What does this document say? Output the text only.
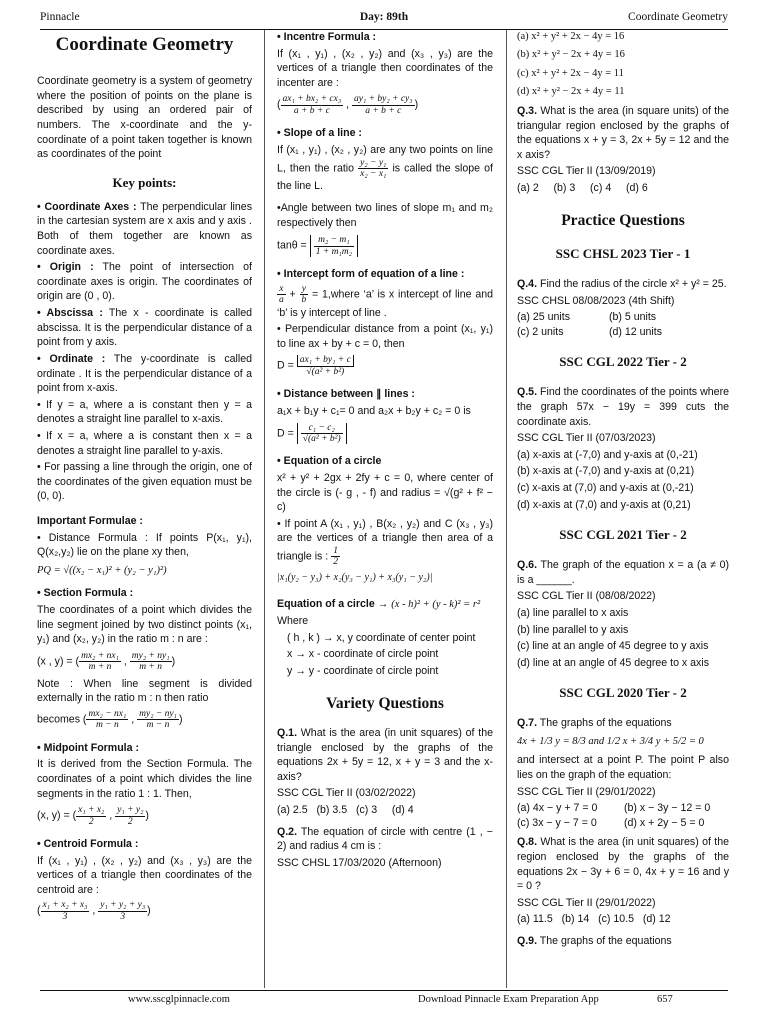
Pinnacle	Day: 89th	Coordinate Geometry
Coordinate Geometry

Coordinate geometry is a system of geometry where the position of points on the plane is described by using an ordered pair of numbers. The x-coordinate and the y- coordinate of a point taken together is known as coordinates of the point

Key points:

• Coordinate Axes : The perpendicular lines in the cartesian system are x axis and y axis . Both of them together are known as coordinate axes.

• Origin : The point of intersection of coordinate axes is origin. The coordinates of origin are (0 , 0).

• Abscissa : The x - coordinate is called abscissa. It is the perpendicular distance of a point from y axis.

• Ordinate : The y-coordinate is called ordinate . It is the perpendicular distance of a point from x-axis.

• If y = a, where a is constant then y = a denotes a straight line parallel to x-axis.

• If x = a, where a is constant then x = a denotes a straight line parallel to y-axis.

• For passing a line through the origin, one of the coordinates of the given equation must be (0, 0).

Important Formulae :

• Distance Formula : If points P(x₁, y₁), Q(x₂,y₂) lie on the plane xy then,

PQ = √((x₂ − x₁)² + (y₂ − y₁)²)

• Section Formula :

The coordinates of a point which divides the line segment joined by two distinct points (x₁, y₁) and (x₂, y₂) in the ratio m : n are :

(x , y) = ( $\frac{\text{mx₂ + nx₁}}{m + n}$ , $\frac{\text{my₂ + ny₁}}{m + n}$ )

Note : When line segment is divided externally in the ratio m : n then ratio

becomes ( $\frac{\text{mx₂ − nx₁}}{m - n}$ , $\frac{\text{my₂ − ny₁}}{m - n}$ )

• Midpoint Formula :

It is derived from the Section Formula. The coordinates of a point which divides the line segments in the ratio 1 : 1. Then,

(x, y) = ( $\frac{\text{x₁ + x₂}}{2}$ , $\frac{\text{y₁ + y₂}}{2}$ )

• Centroid Formula :

If (x₁ , y₁) , (x₂ , y₂) and (x₃ , y₃) are the vertices of a triangle then coordinates of the centroid are :

( $\frac{\text{x₁ + x₂ + x₃}}{3}$ , $\frac{\text{y₁ + y₂ + y₃}}{3}$ )

• Incentre Formula :

If (x₁ , y₁) , (x₂ , y₂) and (x₃ , y₃) are the vertices of a triangle then coordinates of the incenter are :

( $\frac{\text{ax₁ + bx₂ + cx₃}}{a + b + c}$ , $\frac{\text{ay₁ + by₂ + cy₃}}{a + b + c}$ )

• Slope of a line :

If (x₁ , y₁) , (x₂ , y₂) are any two points on line L, then the ratio $\frac{\text{y₂ − y₁}}{\text{x₂ − x₁}}$ is called the slope of the line L.

•Angle between two lines of slope m₁ and m₂ respectively then

$\tan\theta = \frac{\text{m₂ − m₁}}{\text{1 + m₁m₂}}$

• Intercept form of equation of a line :

$\frac{x}{a} + \frac{y}{b}$ = 1,where ‘a’ is x intercept of line and ‘b’ is y intercept of line .

• Perpendicular distance from a point (x₁, y₁) to line ax + by + c = 0, then

$D = \frac{\text{ax₁ + by₁ + c}}{\text{√(a² + b²)}}$

• Distance between ∥ lines :

a₁x + b₁y + c₁= 0 and a₂x + b₂y + c₂ = 0 is

$D = \frac{\text{c₁ − c₂}}{\text{√(a² + b²)}}$

• Equation of a circle

x² + y² + 2gx + 2fy + c = 0, where center of the circle is (- g , - f) and radius = √(g² + f² − c)

• If point A (x₁ , y₁) , B(x₂ , y₂) and C (x₃ , y₃) are the vertices of a triangle then area of a triangle is : $\frac{1}{2}$

|x₁(y₂ − y₃) + x₂(y₃ − y₁) + x₃(y₁ − y₂)|

Equation of a circle → (x - h)² + (y - k)² = r²

Where

( h , k ) → x, y coordinate of center point

x → x - coordinate of circle point

y → y - coordinate of circle point

Variety Questions

Q.1. What is the area (in unit squares) of the triangle enclosed by the graphs of the equations 2x + 5y = 12, x + y = 3 and the x-axis?

SSC CGL Tier II (03/02/2022)

(a) 2.5 (b) 3.5 (c) 3 (d) 4

Q.2. The equation of circle with centre (1 , − 2) and radius 4 cm is :

SSC CHSL 17/03/2020 (Afternoon)

(a) x² + y² + 2x − 4y = 16

(b) x² + y² − 2x + 4y = 16

(c) x² + y² + 2x − 4y = 11

(d) x² + y² − 2x + 4y = 11

Q.3. What is the area (in square units) of the triangular region enclosed by the graphs of the equations x + y = 3, 2x + 5y = 12 and the x axis?

SSC CGL Tier II (13/09/2019)

(a) 2 (b) 3 (c) 4 (d) 6

Practice Questions
SSC CHSL 2023 Tier - 1

Q.4. Find the radius of the circle x² + y² = 25.

SSC CHSL 08/08/2023 (4th Shift)

(a) 25 units	(b) 5 units
(c) 2 units	(d) 12 units
SSC CGL 2022 Tier - 2

Q.5. Find the coordinates of the points where the graph 57x − 19y = 399 cuts the coordinate axis.

SSC CGL Tier II (07/03/2023)

(a) x-axis at (-7,0) and y-axis at (0,-21)

(b) x-axis at (-7,0) and y-axis at (0,21)

(c) x-axis at (7,0) and y-axis at (0,-21)

(d) x-axis at (7,0) and y-axis at (0,21)

SSC CGL 2021 Tier - 2

Q.6. The graph of the equation x = a (a ≠ 0) is a ______.

SSC CGL Tier II (08/08/2022)

(a) line parallel to x axis

(b) line parallel to y axis

(c) line at an angle of 45 degree to y axis

(d) line at an angle of 45 degree to x axis

SSC CGL 2020 Tier - 2

Q.7. The graphs of the equations

4x + 1/3 y = 8/3 and 1/2 x + 3/4 y + 5/2 = 0

and intersect at a point P. The point P also lies on the graph of the equation:

SSC CGL Tier II (29/01/2022)

(a) 4x − y + 7 = 0	(b) x − 3y − 12 = 0
(c) 3x − y − 7 = 0	(d) x + 2y − 5 = 0

Q.8. What is the area (in unit squares) of the region enclosed by the graphs of the equations 2x − 3y + 6 = 0, 4x + y = 16 and y = 0 ?

SSC CGL Tier II (29/01/2022)

(a) 11.5 (b) 14 (c) 10.5 (d) 12

Q.9. The graphs of the equations

www.sscglpinnacle.com	Download Pinnacle Exam Preparation App	657
